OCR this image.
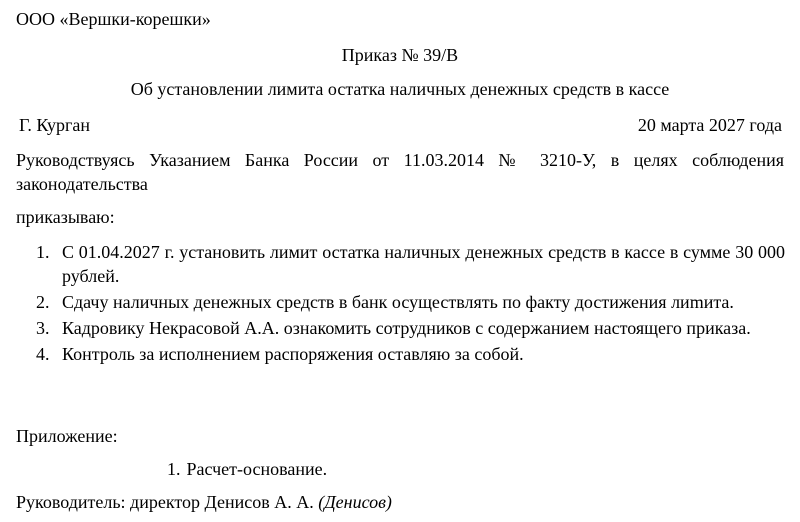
ООО «Вершки-корешки»
Приказ № 39/В
Об установлении лимита остатка наличных денежных средств в кассе
Г. Курган	20 марта 2027 года
Руководствуясь Указанием Банка России от 11.03.2014 № 3210-У, в целях соблюдения законодательства
приказываю:
1. С 01.04.2027 г. установить лимит остатка наличных денежных средств в кассе в сумме 30 000 рублей.
2. Сдачу наличных денежных средств в банк осуществлять по факту достижения лиmита.
3. Кадровику Некрасовой А.А. ознакомить сотрудников с содержанием настоящего приказа.
4. Контроль за исполнением распоряжения оставляю за собой.
Приложение:
1. Расчет-основание.
Руководитель: директор Денисов А. А. (Денисов)
